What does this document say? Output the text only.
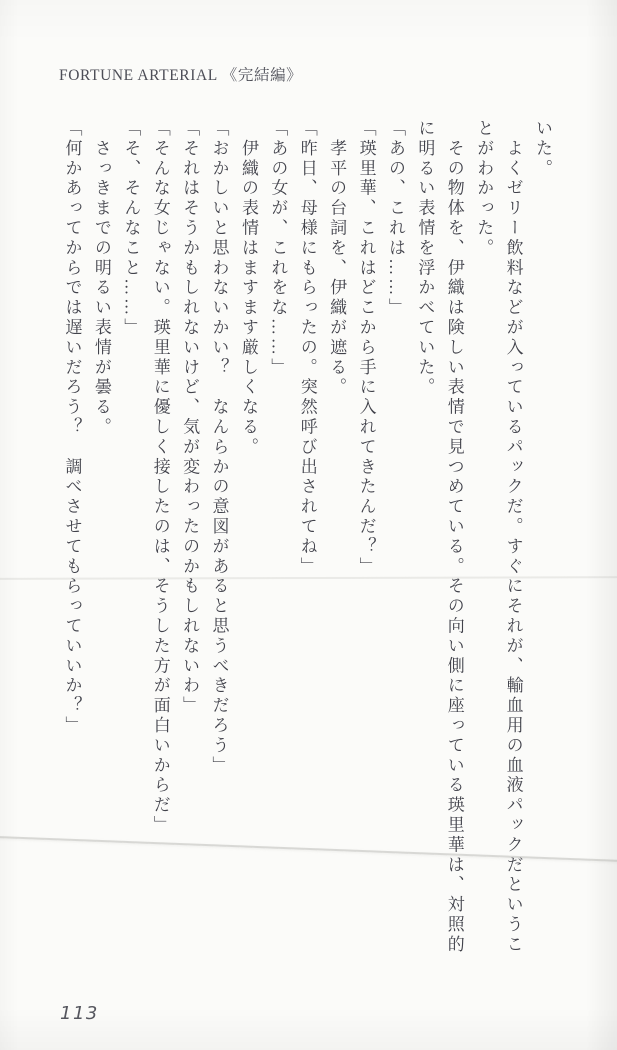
FORTUNE ARTERIAL 《完結編》
いた。
　よくゼリー飲料などが入っているパックだ。すぐにそれが、輸血用の血液パックだというこ
とがわかった。
　その物体を、伊織は険しい表情で見つめている。その向い側に座っている瑛里華は、対照的
に明るい表情を浮かべていた。
「あの、これは……」
「瑛里華、これはどこから手に入れてきたんだ？」
　孝平の台詞を、伊織が遮る。
「昨日、母様にもらったの。突然呼び出されてね」
「あの女が、これをな……」
　伊織の表情はますます厳しくなる。
「おかしいと思わないかい？　なんらかの意図があると思うべきだろう」
「それはそうかもしれないけど、気が変わったのかもしれないわ」
「そんな女じゃない。瑛里華に優しく接したのは、そうした方が面白いからだ」
「そ、そんなこと……」
　さっきまでの明るい表情が曇る。
「何かあってからでは遅いだろう？　調べさせてもらっていいか？」
113
